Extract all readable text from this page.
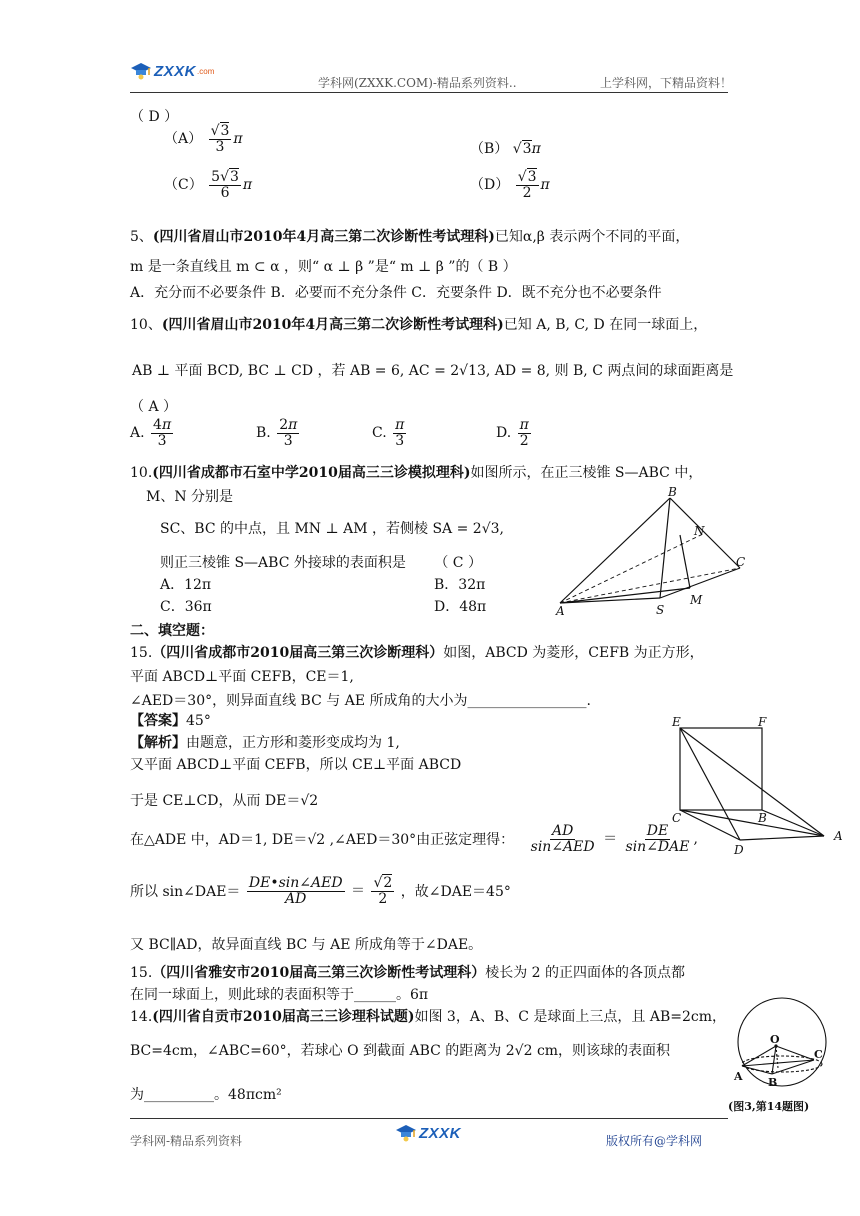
ZXXK .com
学科网(ZXXK.COM)-精品系列资料..	上学科网，下精品资料！
（ D ）
$(A) \frac{√3}{3}$ π
（B） √3π
$(C) \frac{5√3}{6}$ π	$(D) \frac{√3}{2}$ π
5、(四川省眉山市2010年4月高三第二次诊断性考试理科)已知α,β 表示两个不同的平面，
m 是一条直线且 m ⊂ α ，则“ α ⊥ β ”是“ m ⊥ β ”的（ B ）
A．充分而不必要条件 B．必要而不充分条件 C．充要条件 D．既不充分也不必要条件
10、(四川省眉山市2010年4月高三第二次诊断性考试理科)已知 A, B, C, D 在同一球面上，
AB ⊥ 平面 BCD, BC ⊥ CD ，若 AB = 6, AC = 2√13, AD = 8, 则 B, C 两点间的球面距离是
（ A ）
A. $\frac{4\pi}{3}$	B. $\frac{2\pi}{3}$	C. $\frac{\pi}{3}$	D. $\frac{\pi}{2}$
10.(四川省成都市石室中学2010届高三三诊模拟理科)如图所示，在正三棱锥 S—ABC 中，
M、N 分别是
SC、BC 的中点，且 MN ⊥ AM ，若侧棱 SA = 2√3,
则正三棱锥 S—ABC 外接球的表面积是 （ C ）
A．12π	B．32π
C．36π	D．48π
B
N
C
A	S
M
二、填空题：
15.（四川省成都市2010届高三第三次诊断理科）如图，ABCD 为菱形，CEFB 为正方形，
平面 ABCD⊥平面 CEFB，CE＝1,
∠AED＝30°，则异面直线 BC 与 AE 所成角的大小为_________________.
【答案】45°
【解析】由题意，正方形和菱形变成均为 1,
又平面 ABCD⊥平面 CEFB，所以 CE⊥平面 ABCD
于是 CE⊥CD，从而 DE＝√2
在△ADE 中，AD＝1, DE＝√2 ,∠AED＝30°由正弦定理得： $\frac{AD}{\text{sin∠AED}} = \frac{DE}{\text{sin∠DAE}}$ ,
所以 sin∠DAE＝ $\frac{\text{DE•sin∠AED}}{AD} = \frac{√2}{2}$ ，故∠DAE＝45°
又 BC∥AD，故异面直线 BC 与 AE 所成角等于∠DAE。
E	F
C	B
A
D
15.（四川省雅安市2010届高三第三次诊断性考试理科）棱长为 2 的正四面体的各顶点都
在同一球面上，则此球的表面积等于______。6π
14.(四川省自贡市2010届高三三诊理科试题)如图 3，A、B、C 是球面上三点，且 AB=2cm，
BC=4cm，∠ABC=60°，若球心 O 到截面 ABC 的距离为 2√2 cm，则该球的表面积
为__________。48πcm²
O
C
A B
(图3,第14题图)
学科网-精品系列资料	ZXXK	版权所有@学科网
